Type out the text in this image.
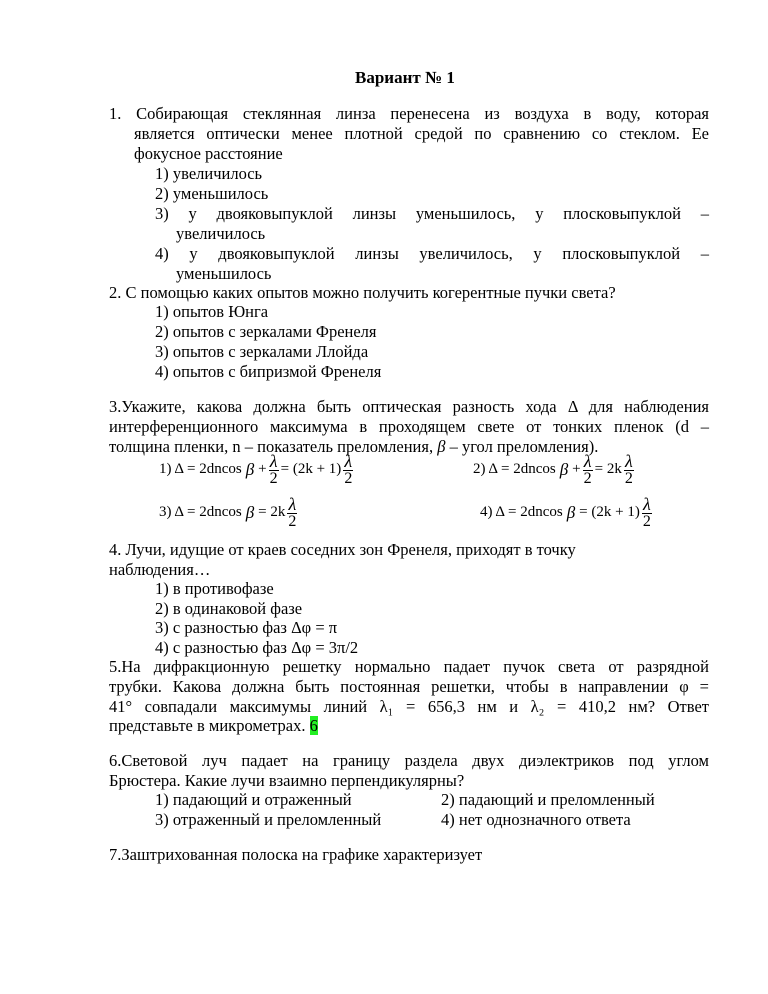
Вариант № 1
1. Собирающая стеклянная линза перенесена из воздуха в воду, которая
является оптически менее плотной средой по сравнению со стеклом. Ее
фокусное расстояние
1) увеличилось
2) уменьшилось
3) у двояковыпуклой линзы уменьшилось, у плосковыпуклой –
увеличилось
4) у двояковыпуклой линзы увеличилось, у плосковыпуклой –
уменьшилось
2. С помощью каких опытов можно получить когерентные пучки света?
1) опытов Юнга
2) опытов с зеркалами Френеля
3) опытов с зеркалами Ллойда
4) опытов с бипризмой Френеля
3.Укажите, какова должна быть оптическая разность хода Δ для наблюдения
интерференционного максимума в проходящем свете от тонких пленок (d –
толщина пленки, n – показатель преломления, β – угол преломления).
1) Δ = 2dncos $\beta + \frac{\lambda}{2} = (2k + 1) \frac{\lambda}{2}$	2) Δ = 2dncos $\beta + \frac{\lambda}{2} = 2k \frac{\lambda}{2}$
3) Δ = 2dncos $\beta = 2k \frac{\lambda}{2}$	4) Δ = 2dncos $\beta = (2k + 1) \frac{\lambda}{2}$
4. Лучи, идущие от краев соседних зон Френеля, приходят в точку
наблюдения…
1) в противофазе
2) в одинаковой фазе
3) с разностью фаз Δφ = π
4) с разностью фаз Δφ = 3π/2
5.На дифракционную решетку нормально падает пучок света от разрядной
трубки. Какова должна быть постоянная решетки, чтобы в направлении φ =
41° совпадали максимумы линий λ₁ = 656,3 нм и λ₂ = 410,2 нм? Ответ
представьте в микрометрах. 6
6.Световой луч падает на границу раздела двух диэлектриков под углом
Брюстера. Какие лучи взаимно перпендикулярны?
1) падающий и отраженный	2) падающий и преломленный
3) отраженный и преломленный	4) нет однозначного ответа
7.Заштрихованная полоска на графике характеризует
